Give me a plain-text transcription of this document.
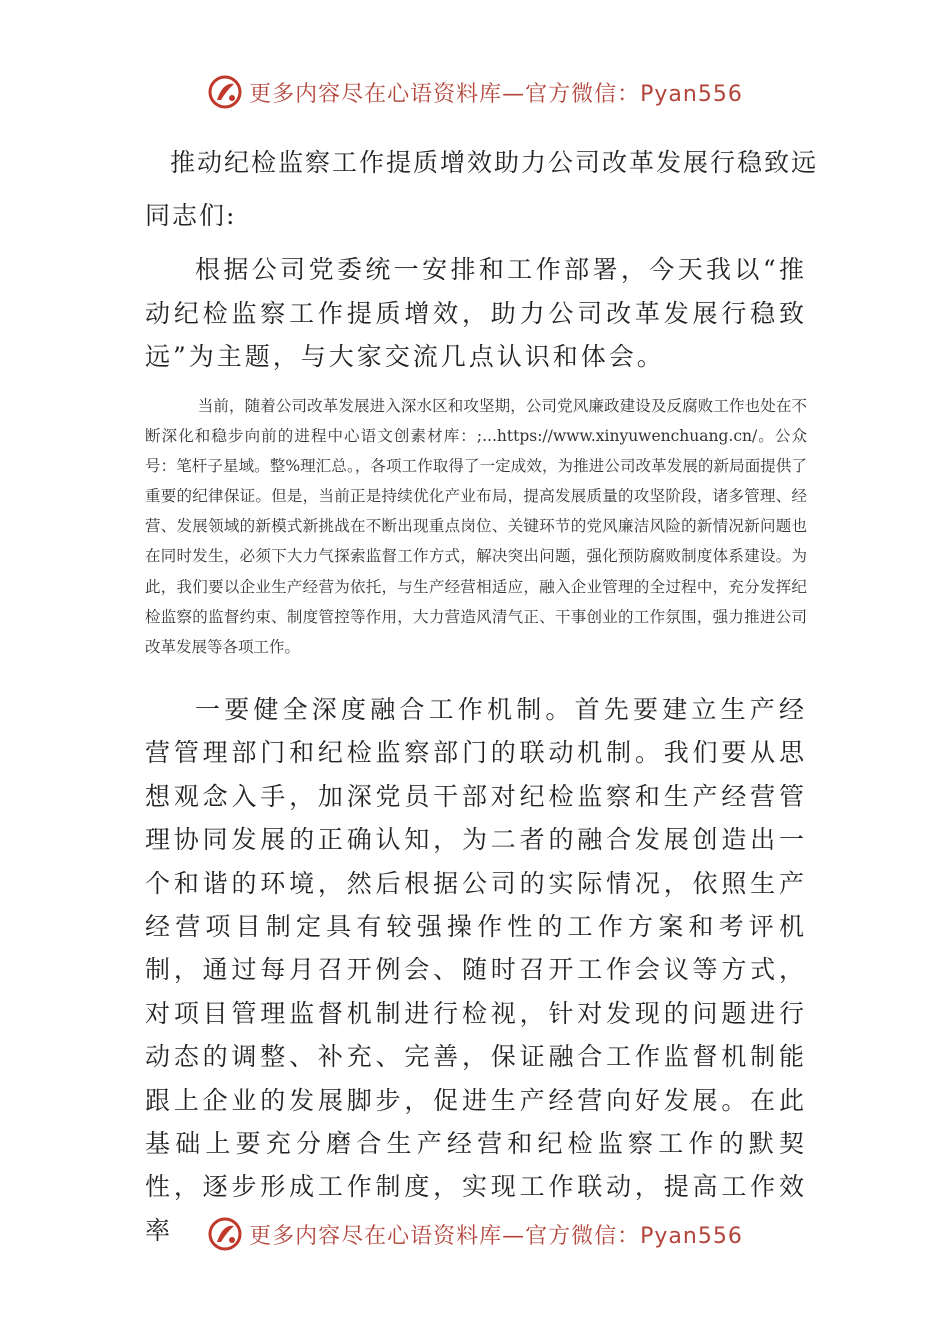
更多内容尽在心语资料库—官方微信：Pyan556
推动纪检监察工作提质增效助力公司改革发展行稳致远
同志们:

根据公司党委统一安排和工作部署，今天我以“推动纪检监察工作提质增效，助力公司改革发展行稳致远”为主题，与大家交流几点认识和体会。

当前，随着公司改革发展进入深水区和攻坚期，公司党风廉政建设及反腐败工作也处在不断深化和稳步向前的进程中心语文创素材库：;...https://www.xinyuwenchuang.cn/。公众号：笔杆子星域。整%理汇总。，各项工作取得了一定成效，为推进公司改革发展的新局面提供了重要的纪律保证。但是，当前正是持续优化产业布局，提高发展质量的攻坚阶段，诸多管理、经营、发展领域的新模式新挑战在不断出现重点岗位、关键环节的党风廉洁风险的新情况新问题也在同时发生，必须下大力气探索监督工作方式，解决突出问题，强化预防腐败制度体系建设。为此，我们要以企业生产经营为依托，与生产经营相适应，融入企业管理的全过程中，充分发挥纪检监察的监督约束、制度管控等作用，大力营造风清气正、干事创业的工作氛围，强力推进公司改革发展等各项工作。

一要健全深度融合工作机制。首先要建立生产经营管理部门和纪检监察部门的联动机制。我们要从思想观念入手，加深党员干部对纪检监察和生产经营管理协同发展的正确认知，为二者的融合发展创造出一个和谐的环境，然后根据公司的实际情况，依照生产经营项目制定具有较强操作性的工作方案和考评机制，通过每月召开例会、随时召开工作会议等方式，对项目管理监督机制进行检视，针对发现的问题进行动态的调整、补充、完善，保证融合工作监督机制能跟上企业的发展脚步，促进生产经营向好发展。在此基础上要充分磨合生产经营和纪检监察工作的默契性，逐步形成工作制度，实现工作联动，提高工作效率	更多内容尽在心语资料库—官方微信：Pyan556
